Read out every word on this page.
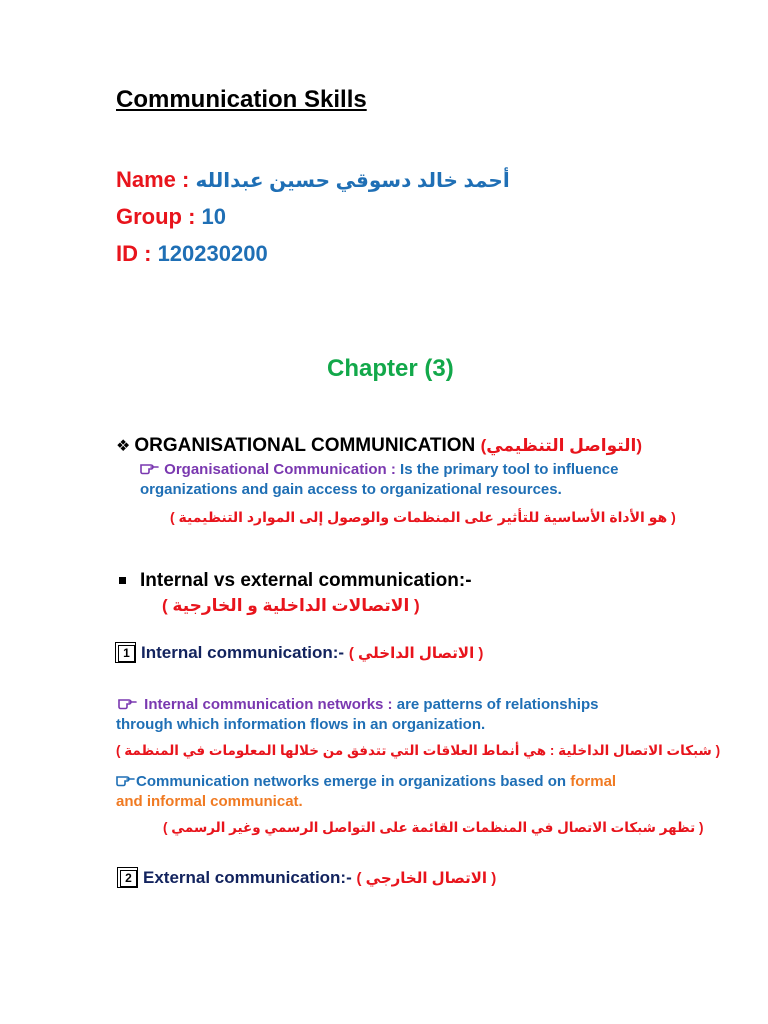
Communication Skills
Name : أحمد خالد دسوقي حسين عبدالله
Group : 10
ID : 120230200
Chapter (3)
❖ ORGANISATIONAL COMMUNICATION (التواصل التنظيمي)
Organisational Communication : Is the primary tool to influence
organizations and gain access to organizational resources.
( هو الأداة الأساسية للتأثير على المنظمات والوصول إلى الموارد التنظيمية )
Internal vs external communication:-
( الاتصالات الداخلية و الخارجية )
1 Internal communication:- ( الاتصال الداخلي )
Internal communication networks : are patterns of relationships
through which information flows in an organization.
( شبكات الاتصال الداخلية : هي أنماط العلاقات التي تتدفق من خلالها المعلومات في المنظمة )
Communication networks emerge in organizations based on formal
and informal communicat.
( تظهر شبكات الاتصال في المنظمات القائمة على التواصل الرسمي وغير الرسمي )
2 External communication:- ( الاتصال الخارجي )
